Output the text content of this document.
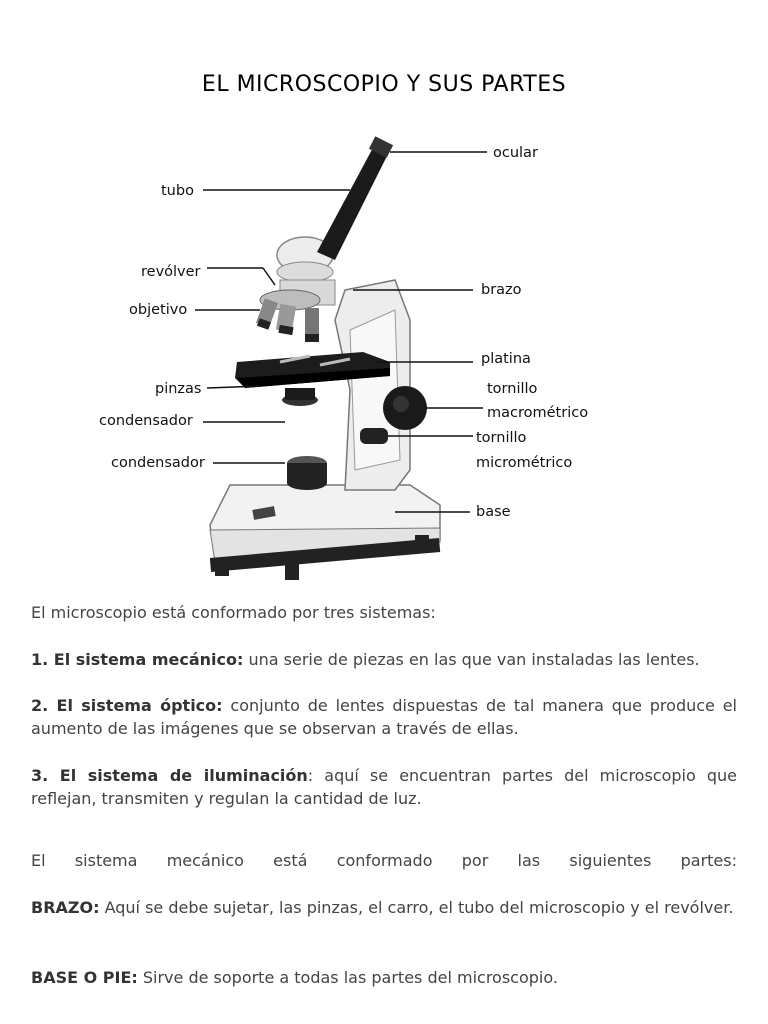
EL MICROSCOPIO Y SUS PARTES
ocular
tubo
revólver
brazo
objetivo
platina
pinzas	tornillo
macrométrico
condensador
tornillo
micrométrico
condensador
base

El microscopio está conformado por tres sistemas:

1. El sistema mecánico: una serie de piezas en las que van instaladas las lentes.

2. El sistema óptico: conjunto de lentes dispuestas de tal manera que produce el aumento de las imágenes que se observan a través de ellas.

3. El sistema de iluminación: aquí se encuentran partes del microscopio que reflejan, transmiten y regulan la cantidad de luz.

El sistema mecánico está conformado por las siguientes partes:

BRAZO: Aquí se debe sujetar, las pinzas, el carro, el tubo del microscopio y el revólver.

BASE O PIE: Sirve de soporte a todas las partes del microscopio.
